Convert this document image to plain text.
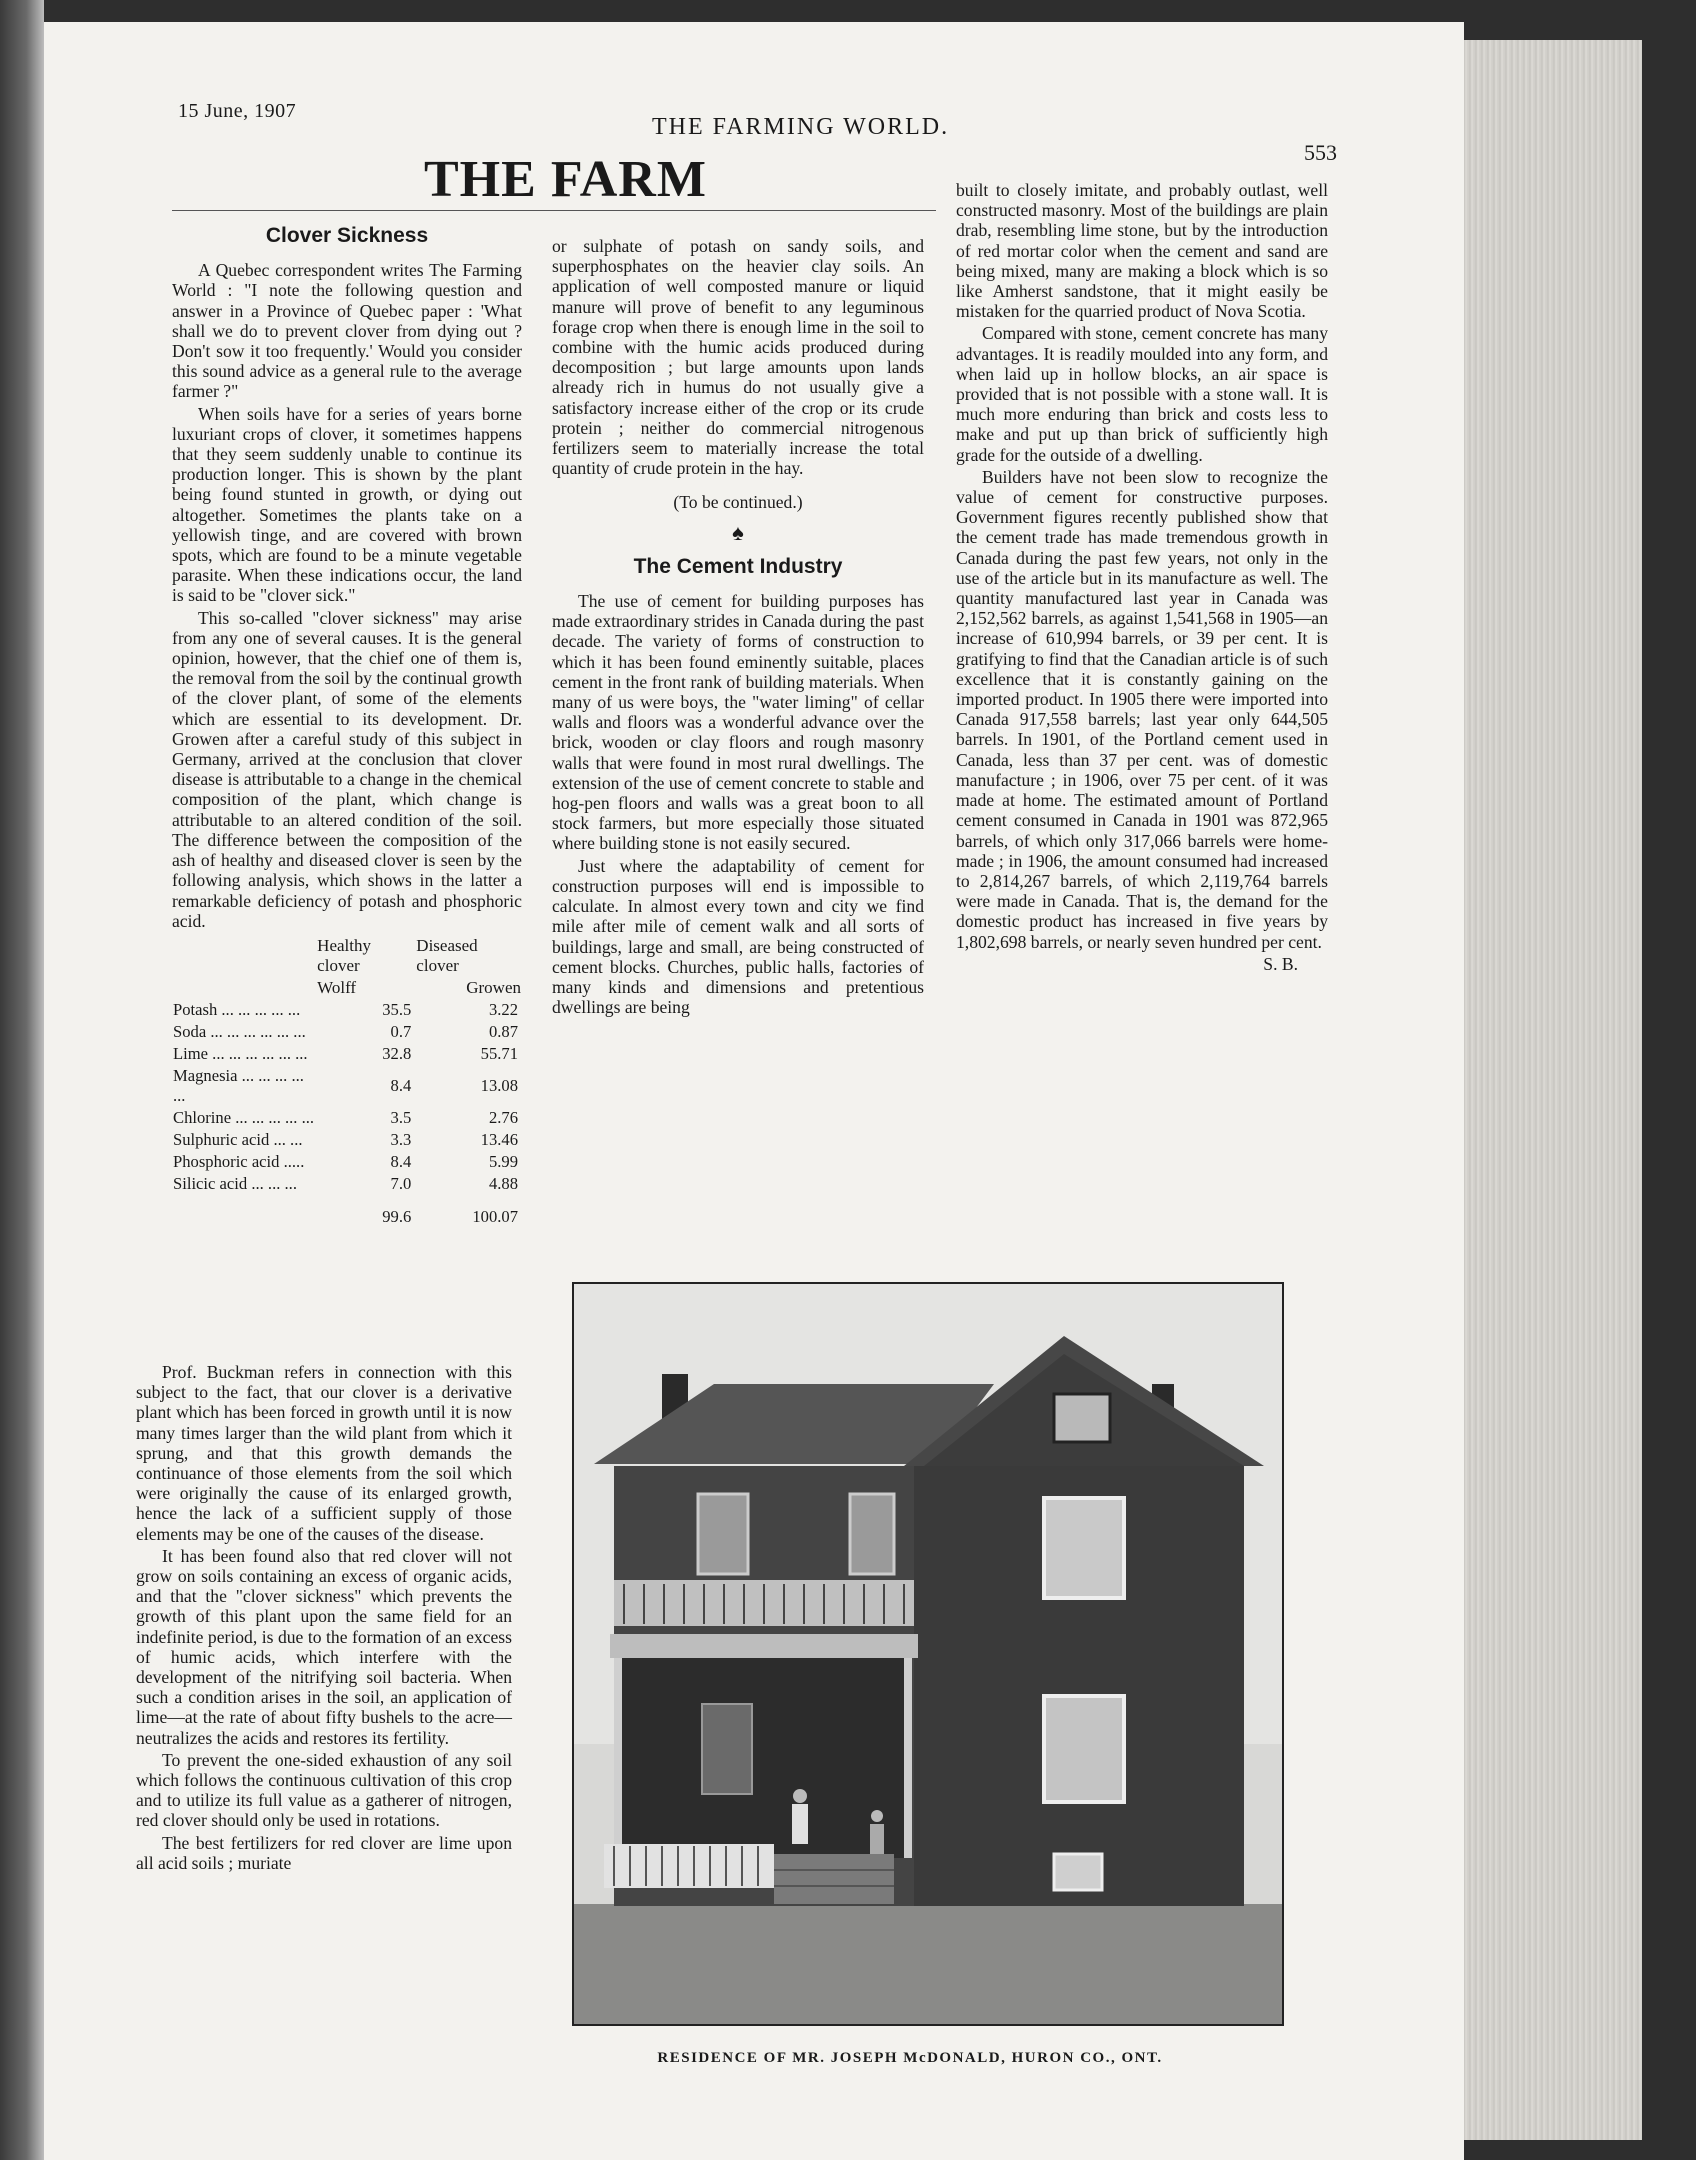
15 June, 1907
THE FARMING WORLD.
553
THE FARM
Clover Sickness

A Quebec correspondent writes The Farming World : "I note the following question and answer in a Province of Quebec paper : 'What shall we do to prevent clover from dying out ? Don't sow it too frequently.' Would you consider this sound advice as a general rule to the average farmer ?"

When soils have for a series of years borne luxuriant crops of clover, it sometimes happens that they seem suddenly unable to continue its production longer. This is shown by the plant being found stunted in growth, or dying out altogether. Sometimes the plants take on a yellowish tinge, and are covered with brown spots, which are found to be a minute vegetable parasite. When these indications occur, the land is said to be "clover sick."

This so-called "clover sickness" may arise from any one of several causes. It is the general opinion, however, that the chief one of them is, the removal from the soil by the continual growth of the clover plant, of some of the elements which are essential to its development. Dr. Growen after a careful study of this subject in Germany, arrived at the conclusion that clover disease is attributable to a change in the chemical composition of the plant, which change is attributable to an altered condition of the soil. The difference between the composition of the ash of healthy and diseased clover is seen by the following analysis, which shows in the latter a remarkable deficiency of potash and phosphoric acid.

	Healthy clover	Diseased clover
	Wolff	Growen
Potash ... ... ... ... ...	35.5	3.22
Soda ... ... ... ... ... ...	0.7	0.87
Lime ... ... ... ... ... ...	32.8	55.71
Magnesia ... ... ... ... ...	8.4	13.08
Chlorine ... ... ... ... ...	3.5	2.76
Sulphuric acid ... ...	3.3	13.46
Phosphoric acid .....	8.4	5.99
Silicic acid ... ... ...	7.0	4.88
	99.6	100.07

Prof. Buckman refers in connection with this subject to the fact, that our clover is a derivative plant which has been forced in growth until it is now many times larger than the wild plant from which it sprung, and that this growth demands the continuance of those elements from the soil which were originally the cause of its enlarged growth, hence the lack of a sufficient supply of those elements may be one of the causes of the disease.

It has been found also that red clover will not grow on soils containing an excess of organic acids, and that the "clover sickness" which prevents the growth of this plant upon the same field for an indefinite period, is due to the formation of an excess of humic acids, which interfere with the development of the nitrifying soil bacteria. When such a condition arises in the soil, an application of lime—at the rate of about fifty bushels to the acre—neutralizes the acids and restores its fertility.

To prevent the one-sided exhaustion of any soil which follows the continuous cultivation of this crop and to utilize its full value as a gatherer of nitrogen, red clover should only be used in rotations.

The best fertilizers for red clover are lime upon all acid soils ; muriate

or sulphate of potash on sandy soils, and superphosphates on the heavier clay soils. An application of well composted manure or liquid manure will prove of benefit to any leguminous forage crop when there is enough lime in the soil to combine with the humic acids produced during decomposition ; but large amounts upon lands already rich in humus do not usually give a satisfactory increase either of the crop or its crude protein ; neither do commercial nitrogenous fertilizers seem to materially increase the total quantity of crude protein in the hay.

(To be continued.)

♠
The Cement Industry

The use of cement for building purposes has made extraordinary strides in Canada during the past decade. The variety of forms of construction to which it has been found eminently suitable, places cement in the front rank of building materials. When many of us were boys, the "water liming" of cellar walls and floors was a wonderful advance over the brick, wooden or clay floors and rough masonry walls that were found in most rural dwellings. The extension of the use of cement concrete to stable and hog-pen floors and walls was a great boon to all stock farmers, but more especially those situated where building stone is not easily secured.

Just where the adaptability of cement for construction purposes will end is impossible to calculate. In almost every town and city we find mile after mile of cement walk and all sorts of buildings, large and small, are being constructed of cement blocks. Churches, public halls, factories of many kinds and dimensions and pretentious dwellings are being

built to closely imitate, and probably outlast, well constructed masonry. Most of the buildings are plain drab, resembling lime stone, but by the introduction of red mortar color when the cement and sand are being mixed, many are making a block which is so like Amherst sandstone, that it might easily be mistaken for the quarried product of Nova Scotia.

Compared with stone, cement concrete has many advantages. It is readily moulded into any form, and when laid up in hollow blocks, an air space is provided that is not possible with a stone wall. It is much more enduring than brick and costs less to make and put up than brick of sufficiently high grade for the outside of a dwelling.

Builders have not been slow to recognize the value of cement for constructive purposes. Government figures recently published show that the cement trade has made tremendous growth in Canada during the past few years, not only in the use of the article but in its manufacture as well. The quantity manufactured last year in Canada was 2,152,562 barrels, as against 1,541,568 in 1905—an increase of 610,994 barrels, or 39 per cent. It is gratifying to find that the Canadian article is of such excellence that it is constantly gaining on the imported product. In 1905 there were imported into Canada 917,558 barrels; last year only 644,505 barrels. In 1901, of the Portland cement used in Canada, less than 37 per cent. was of domestic manufacture ; in 1906, over 75 per cent. of it was made at home. The estimated amount of Portland cement consumed in Canada in 1901 was 872,965 barrels, of which only 317,066 barrels were home-made ; in 1906, the amount consumed had increased to 2,814,267 barrels, of which 2,119,764 barrels were made in Canada. That is, the demand for the domestic product has increased in five years by 1,802,698 barrels, or nearly seven hundred per cent.

S. B.

RESIDENCE OF MR. JOSEPH McDONALD, HURON CO., ONT.
